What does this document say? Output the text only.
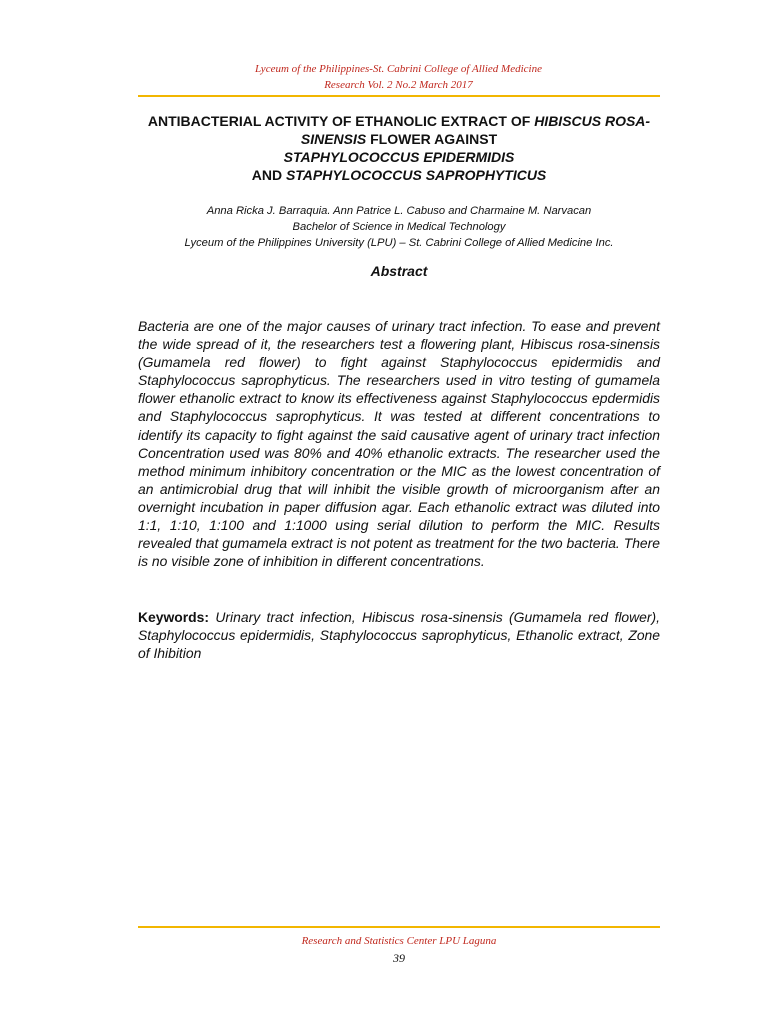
Lyceum of the Philippines-St. Cabrini College of Allied Medicine
Research Vol. 2 No.2 March 2017
ANTIBACTERIAL ACTIVITY OF ETHANOLIC EXTRACT OF HIBISCUS ROSA-SINENSIS FLOWER AGAINST
STAPHYLOCOCCUS EPIDERMIDIS
AND STAPHYLOCOCCUS SAPROPHYTICUS
Anna Ricka J. Barraquia. Ann Patrice L. Cabuso and Charmaine M. Narvacan
Bachelor of Science in Medical Technology
Lyceum of the Philippines University (LPU) – St. Cabrini College of Allied Medicine Inc.
Abstract
Bacteria are one of the major causes of urinary tract infection. To ease and prevent the wide spread of it, the researchers test a flowering plant, Hibiscus rosa-sinensis (Gumamela red flower) to fight against Staphylococcus epidermidis and Staphylococcus saprophyticus. The researchers used in vitro testing of gumamela flower ethanolic extract to know its effectiveness against Staphylococcus epdermidis and Staphylococcus saprophyticus. It was tested at different concentrations to identify its capacity to fight against the said causative agent of urinary tract infection Concentration used was 80% and 40% ethanolic extracts. The researcher used the method minimum inhibitory concentration or the MIC as the lowest concentration of an antimicrobial drug that will inhibit the visible growth of microorganism after an overnight incubation in paper diffusion agar. Each ethanolic extract was diluted into 1:1, 1:10, 1:100 and 1:1000 using serial dilution to perform the MIC. Results revealed that gumamela extract is not potent as treatment for the two bacteria. There is no visible zone of inhibition in different concentrations.
Keywords: Urinary tract infection, Hibiscus rosa-sinensis (Gumamela red flower), Staphylococcus epidermidis, Staphylococcus saprophyticus, Ethanolic extract, Zone of Ihibition
Research and Statistics Center LPU Laguna
39
